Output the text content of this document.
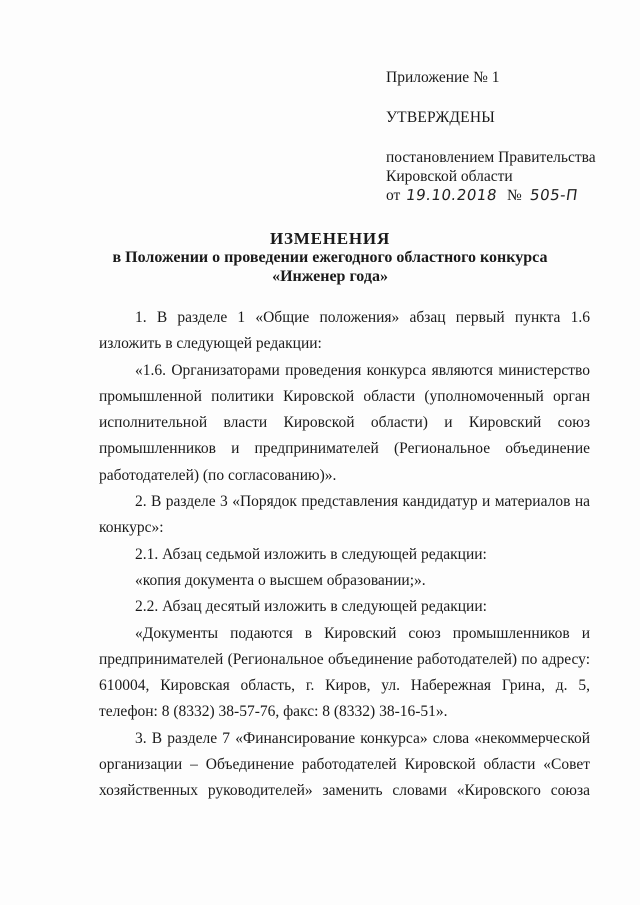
Приложение № 1

УТВЕРЖДЕНЫ

постановлением Правительства
Кировской области
от 19.10.2018 № 505-П
ИЗМЕНЕНИЯ
в Положении о проведении ежегодного областного конкурса
«Инженер года»

1. В разделе 1 «Общие положения» абзац первый пункта 1.6 изложить в следующей редакции:

«1.6. Организаторами проведения конкурса являются министерство промышленной политики Кировской области (уполномоченный орган исполнительной власти Кировской области) и Кировский союз промышленников и предпринимателей (Региональное объединение работодателей) (по согласованию)».

2. В разделе 3 «Порядок представления кандидатур и материалов на конкурс»:

2.1. Абзац седьмой изложить в следующей редакции:

«копия документа о высшем образовании;».

2.2. Абзац десятый изложить в следующей редакции:

«Документы подаются в Кировский союз промышленников и предпринимателей (Региональное объединение работодателей) по адресу: 610004, Кировская область, г. Киров, ул. Набережная Грина, д. 5, телефон: 8 (8332) 38-57-76, факс: 8 (8332) 38-16-51».

3. В разделе 7 «Финансирование конкурса» слова «некоммерческой организации – Объединение работодателей Кировской области «Совет хозяйственных руководителей» заменить словами «Кировского союза
